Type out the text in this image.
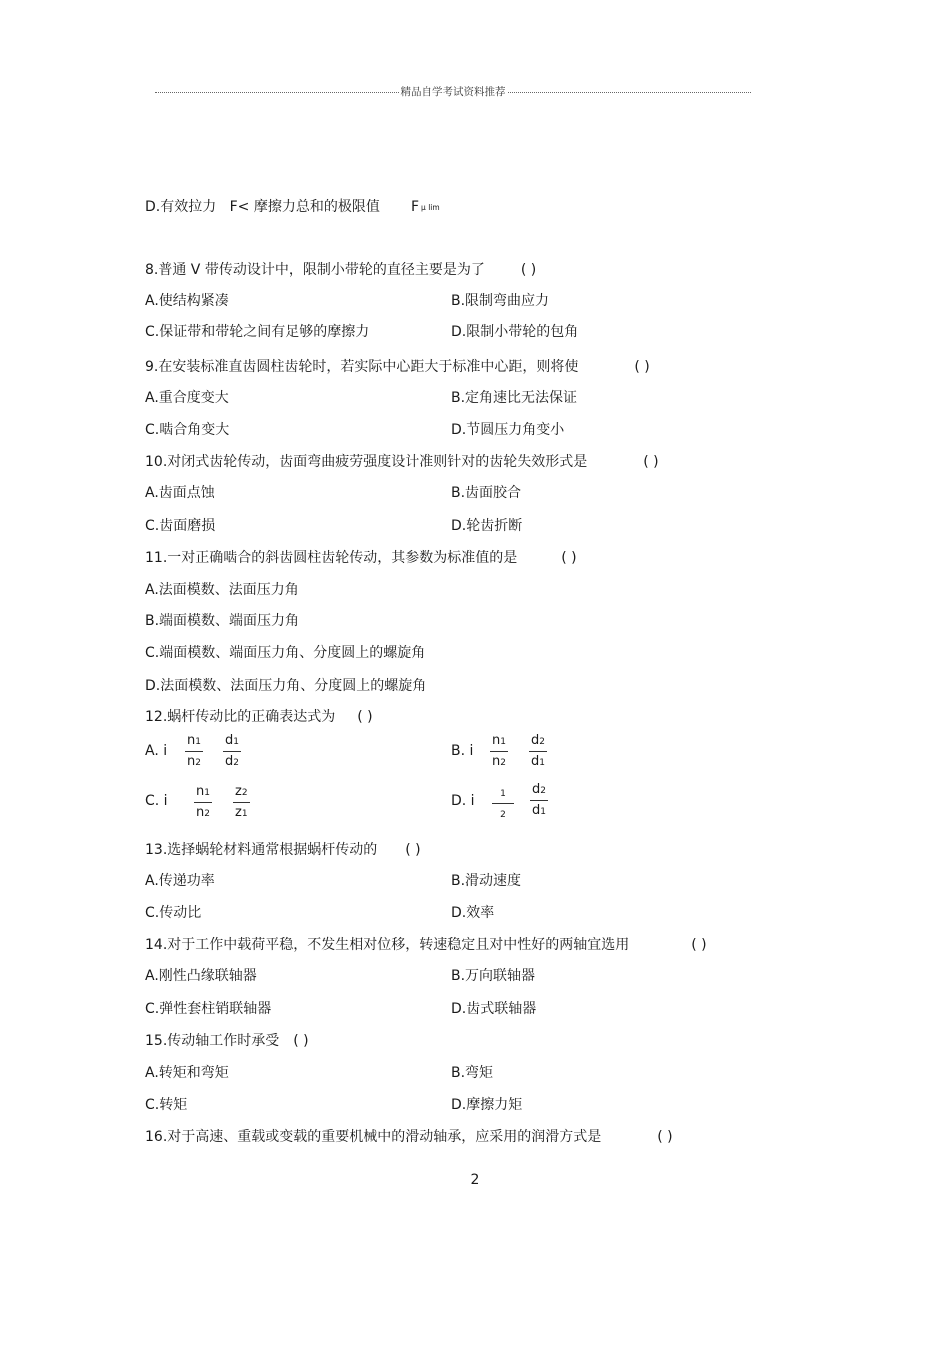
精品自学考试资料推荐
D.有效拉力 F< 摩擦力总和的极限值 F μ lim
8.普通 V 带传动设计中，限制小带轮的直径主要是为了	( )
A.使结构紧凑	B.限制弯曲应力
C.保证带和带轮之间有足够的摩擦力	D.限制小带轮的包角
9.在安装标准直齿圆柱齿轮时，若实际中心距大于标准中心距，则将使	( )
A.重合度变大	B.定角速比无法保证
C.啮合角变大	D.节圆压力角变小
10.对闭式齿轮传动，齿面弯曲疲劳强度设计准则针对的齿轮失效形式是	( )
A.齿面点蚀	B.齿面胶合
C.齿面磨损	D.轮齿折断
11.一对正确啮合的斜齿圆柱齿轮传动，其参数为标准值的是	( )
A.法面模数、法面压力角
B.端面模数、端面压力角
C.端面模数、端面压力角、分度圆上的螺旋角
D.法面模数、法面压力角、分度圆上的螺旋角
12.蜗杆传动比的正确表达式为 ( )
A. i $\frac{n1}{n2} \frac{d1}{d2}$	B. i $\frac{n1}{n2} \frac{d2}{d1}$
C. i $\frac{n1}{n2} \frac{z2}{z1}$	D. i $\frac{1}{2} \frac{d2}{d1}$
13.选择蜗轮材料通常根据蜗杆传动的 ( )
A.传递功率	B.滑动速度
C.传动比	D.效率
14.对于工作中载荷平稳，不发生相对位移，转速稳定且对中性好的两轴宜选用	( )
A.刚性凸缘联轴器	B.万向联轴器
C.弹性套柱销联轴器	D.齿式联轴器
15.传动轴工作时承受 ( )
A.转矩和弯矩	B.弯矩
C.转矩	D.摩擦力矩
16.对于高速、重载或变载的重要机械中的滑动轴承，应采用的润滑方式是	( )
2
